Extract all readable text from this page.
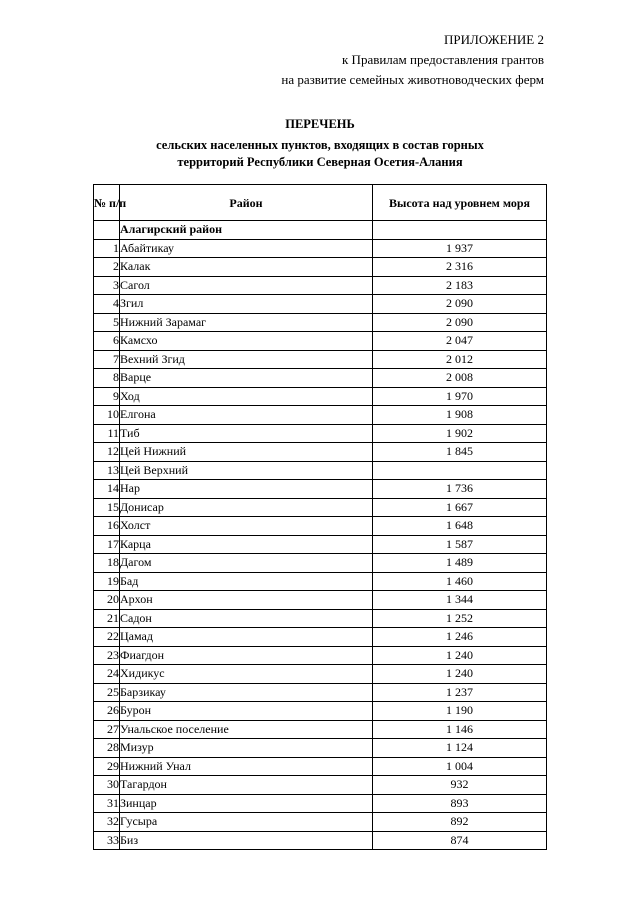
ПРИЛОЖЕНИЕ 2
к Правилам предоставления грантов
на развитие семейных животноводческих ферм
ПЕРЕЧЕНЬ
сельских населенных пунктов, входящих в состав горных
территорий Республики Северная Осетия-Алания
№ п/п	Район	Высота над уровнем моря
	Алагирский район	
1	Абайтикау	1 937
2	Калак	2 316
3	Сагол	2 183
4	Згил	2 090
5	Нижний Зарамаг	2 090
6	Камсхо	2 047
7	Вехний Згид	2 012
8	Варце	2 008
9	Ход	1 970
10	Елгона	1 908
11	Тиб	1 902
12	Цей Нижний	1 845
13	Цей Верхний	
14	Нар	1 736
15	Донисар	1 667
16	Холст	1 648
17	Карца	1 587
18	Дагом	1 489
19	Бад	1 460
20	Архон	1 344
21	Садон	1 252
22	Цамад	1 246
23	Фиагдон	1 240
24	Хидикус	1 240
25	Барзикау	1 237
26	Бурон	1 190
27	Унальское поселение	1 146
28	Мизур	1 124
29	Нижний Унал	1 004
30	Тагардон	932
31	Зинцар	893
32	Гусыра	892
33	Биз	874
